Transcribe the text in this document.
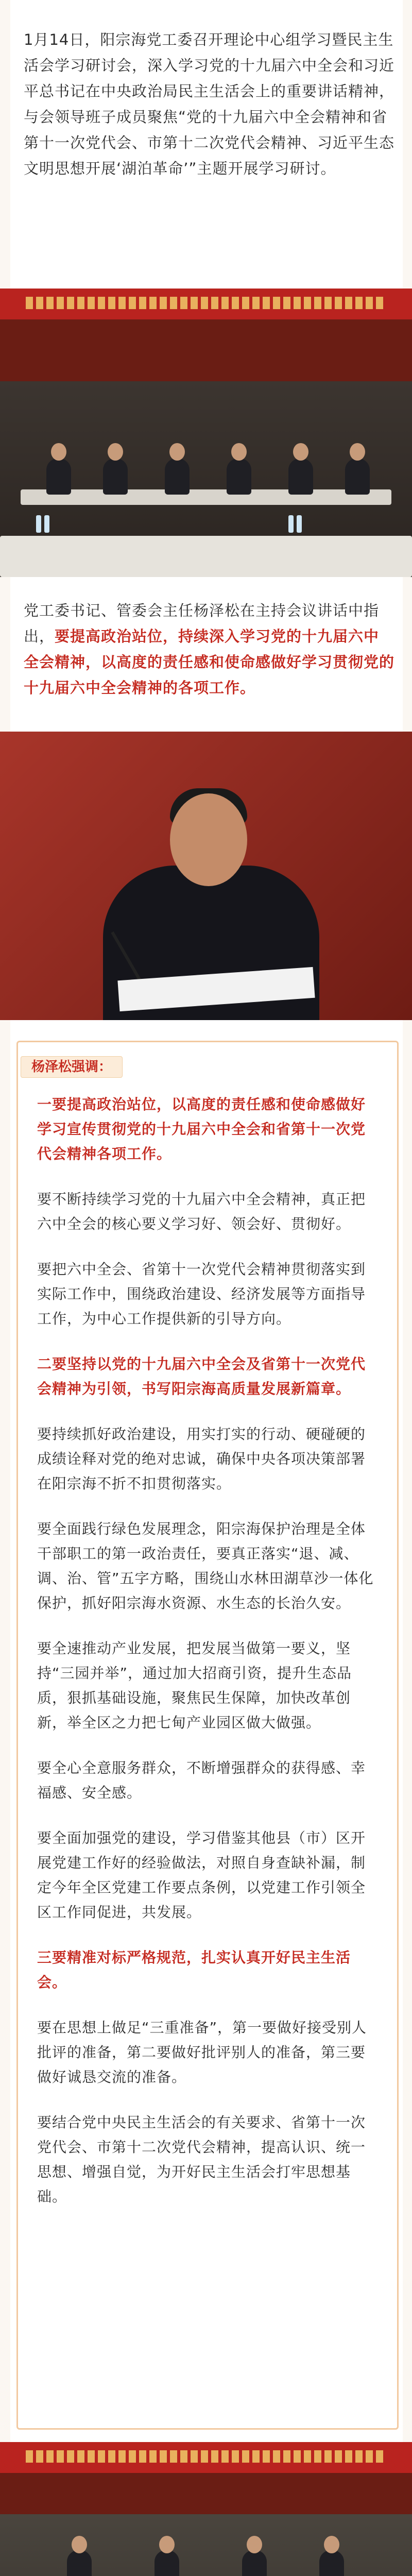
1月14日，阳宗海党工委召开理论中心组学习暨民主生活会学习研讨会，深入学习党的十九届六中全会和习近平总书记在中央政治局民主生活会上的重要讲话精神，与会领导班子成员聚焦“党的十九届六中全会精神和省第十一次党代会、市第十二次党代会精神、习近平生态文明思想开展‘湖泊革命’”主题开展学习研讨。
党工委书记、管委会主任杨泽松在主持会议讲话中指出，要提高政治站位，持续深入学习党的十九届六中全会精神，以高度的责任感和使命感做好学习贯彻党的十九届六中全会精神的各项工作。
杨泽松强调：

一要提高政治站位，以高度的责任感和使命感做好学习宣传贯彻党的十九届六中全会和省第十一次党代会精神各项工作。

要不断持续学习党的十九届六中全会精神，真正把六中全会的核心要义学习好、领会好、贯彻好。

要把六中全会、省第十一次党代会精神贯彻落实到实际工作中，围绕政治建设、经济发展等方面指导工作，为中心工作提供新的引导方向。

二要坚持以党的十九届六中全会及省第十一次党代会精神为引领，书写阳宗海高质量发展新篇章。

要持续抓好政治建设，用实打实的行动、硬碰硬的成绩诠释对党的绝对忠诚，确保中央各项决策部署在阳宗海不折不扣贯彻落实。

要全面践行绿色发展理念，阳宗海保护治理是全体干部职工的第一政治责任，要真正落实“退、减、调、治、管”五字方略，围绕山水林田湖草沙一体化保护，抓好阳宗海水资源、水生态的长治久安。

要全速推动产业发展，把发展当做第一要义，坚持“三园并举”，通过加大招商引资，提升生态品质，狠抓基础设施，聚焦民生保障，加快改革创新，举全区之力把七甸产业园区做大做强。

要全心全意服务群众，不断增强群众的获得感、幸福感、安全感。

要全面加强党的建设，学习借鉴其他县（市）区开展党建工作好的经验做法，对照自身查缺补漏，制定今年全区党建工作要点条例，以党建工作引领全区工作同促进，共发展。

三要精准对标严格规范，扎实认真开好民主生活会。

要在思想上做足“三重准备”，第一要做好接受别人批评的准备，第二要做好批评别人的准备，第三要做好诚恳交流的准备。

要结合党中央民主生活会的有关要求、省第十一次党代会、市第十二次党代会精神，提高认识、统一思想、增强自觉，为开好民主生活会打牢思想基础。
